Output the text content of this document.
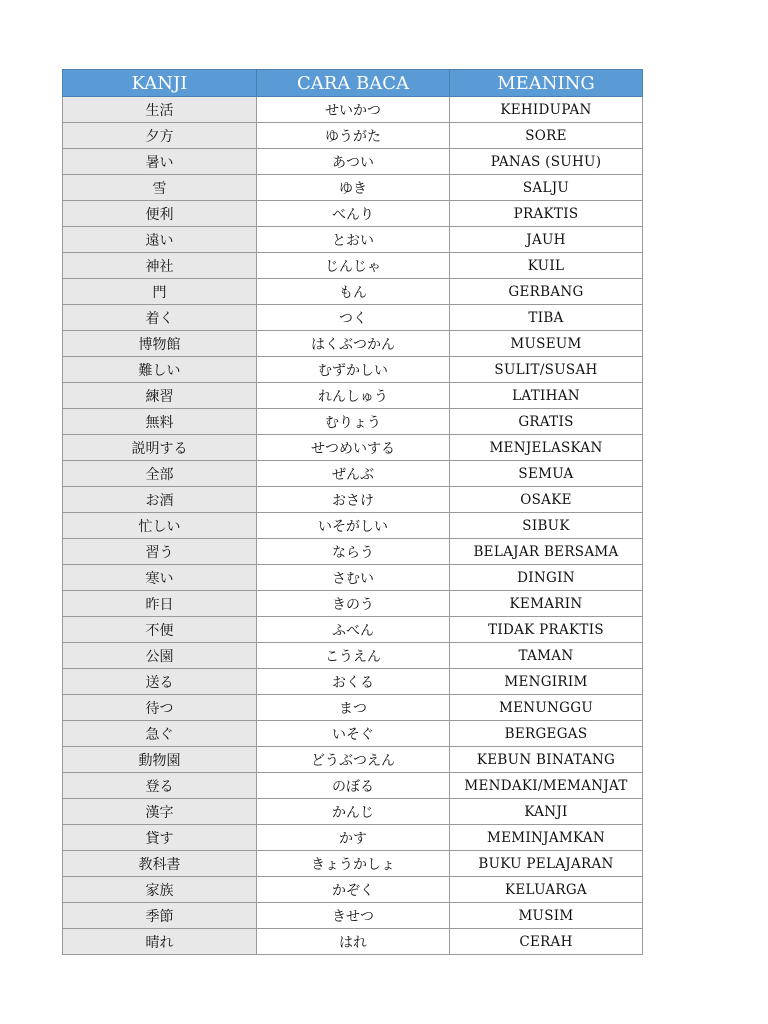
KANJI	CARA BACA	MEANING
生活	せいかつ	KEHIDUPAN
夕方	ゆうがた	SORE
暑い	あつい	PANAS (SUHU)
雪	ゆき	SALJU
便利	べんり	PRAKTIS
遠い	とおい	JAUH
神社	じんじゃ	KUIL
門	もん	GERBANG
着く	つく	TIBA
博物館	はくぶつかん	MUSEUM
難しい	むずかしい	SULIT/SUSAH
練習	れんしゅう	LATIHAN
無料	むりょう	GRATIS
説明する	せつめいする	MENJELASKAN
全部	ぜんぶ	SEMUA
お酒	おさけ	OSAKE
忙しい	いそがしい	SIBUK
習う	ならう	BELAJAR BERSAMA
寒い	さむい	DINGIN
昨日	きのう	KEMARIN
不便	ふべん	TIDAK PRAKTIS
公園	こうえん	TAMAN
送る	おくる	MENGIRIM
待つ	まつ	MENUNGGU
急ぐ	いそぐ	BERGEGAS
動物園	どうぶつえん	KEBUN BINATANG
登る	のぼる	MENDAKI/MEMANJAT
漢字	かんじ	KANJI
貸す	かす	MEMINJAMKAN
教科書	きょうかしょ	BUKU PELAJARAN
家族	かぞく	KELUARGA
季節	きせつ	MUSIM
晴れ	はれ	CERAH
